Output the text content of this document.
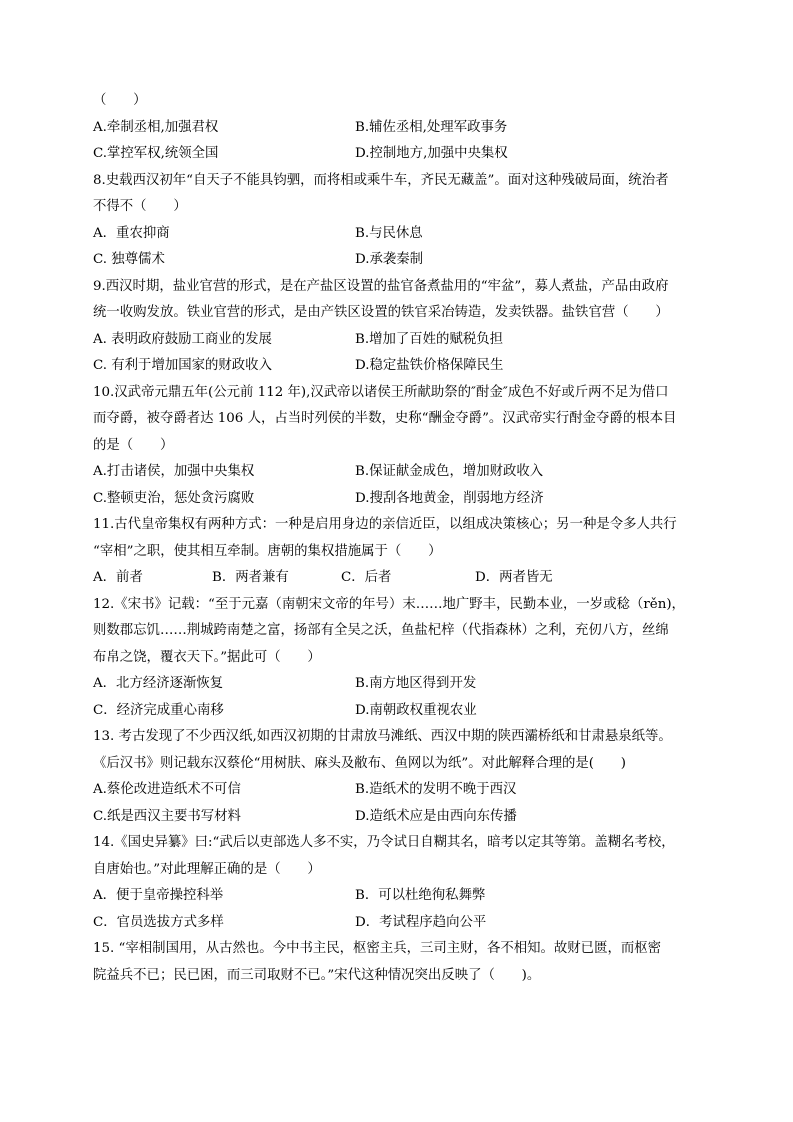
（　　）
A.牵制丞相,加强君权	B.辅佐丞相,处理军政事务
C.掌控军权,统领全国	D.控制地方,加强中央集权
8.史载西汉初年“自天子不能具钧驷，而将相或乘牛车，齐民无藏盖”。面对这种残破局面，统治者
不得不（　　）
A．重农抑商	B.与民休息
C. 独尊儒术	D.承袭秦制
9.西汉时期，盐业官营的形式，是在产盐区设置的盐官备煮盐用的“牢盆”，募人煮盐，产品由政府
统一收购发放。铁业官营的形式，是由产铁区设置的铁官采冶铸造，发卖铁器。盐铁官营（　　）
A. 表明政府鼓励工商业的发展	B.增加了百姓的赋税负担
C. 有利于增加国家的财政收入	D.稳定盐铁价格保障民生
10.汉武帝元鼎五年(公元前 112 年),汉武帝以诸侯王所献助祭的″酎金″成色不好或斤两不足为借口
而夺爵，被夺爵者达 106 人，占当时列侯的半数，史称“酬金夺爵”。汉武帝实行酎金夺爵的根本目
的是（　　）
A.打击诸侯，加强中央集权	B.保证献金成色，增加财政收入
C.整顿吏治，惩处贪污腐败	D.搜刮各地黄金，削弱地方经济
11.古代皇帝集权有两种方式：一种是启用身边的亲信近臣，以组成决策核心；另一种是令多人共行
“宰相”之职，使其相互牵制。唐朝的集权措施属于（　　）
A．前者	B．两者兼有	C．后者	D．两者皆无
12.《宋书》记载：“至于元嘉（南朝宋文帝的年号）末……地广野丰，民勤本业，一岁或稔（rěn)，
则数郡忘饥……荆城跨南楚之富，扬部有全吴之沃，鱼盐杞梓（代指森林）之利，充仞八方，丝绵
布帛之饶，覆衣天下。”据此可（　　）
A．北方经济逐渐恢复	B.南方地区得到开发
C．经济完成重心南移	D.南朝政权重视农业
13. 考古发现了不少西汉纸,如西汉初期的甘肃放马滩纸、西汉中期的陕西灞桥纸和甘肃悬泉纸等。
《后汉书》则记载东汉蔡伦“用树肤、麻头及敝布、鱼网以为纸”。对此解释合理的是(　　)
A.蔡伦改进造纸术不可信	B.造纸术的发明不晚于西汉
C.纸是西汉主要书写材料	D.造纸术应是由西向东传播
14.《国史异纂》曰:“武后以吏部选人多不实，乃令试日自糊其名，暗考以定其等第。盖糊名考校，
自唐始也。”对此理解正确的是（　　）
A．便于皇帝操控科举	B．可以杜绝徇私舞弊
C．官员选拔方式多样	D．考试程序趋向公平
15. “宰相制国用，从古然也。今中书主民，枢密主兵，三司主财，各不相知。故财已匮，而枢密
院益兵不已；民已困，而三司取财不已。”宋代这种情况突出反映了（　　)。
